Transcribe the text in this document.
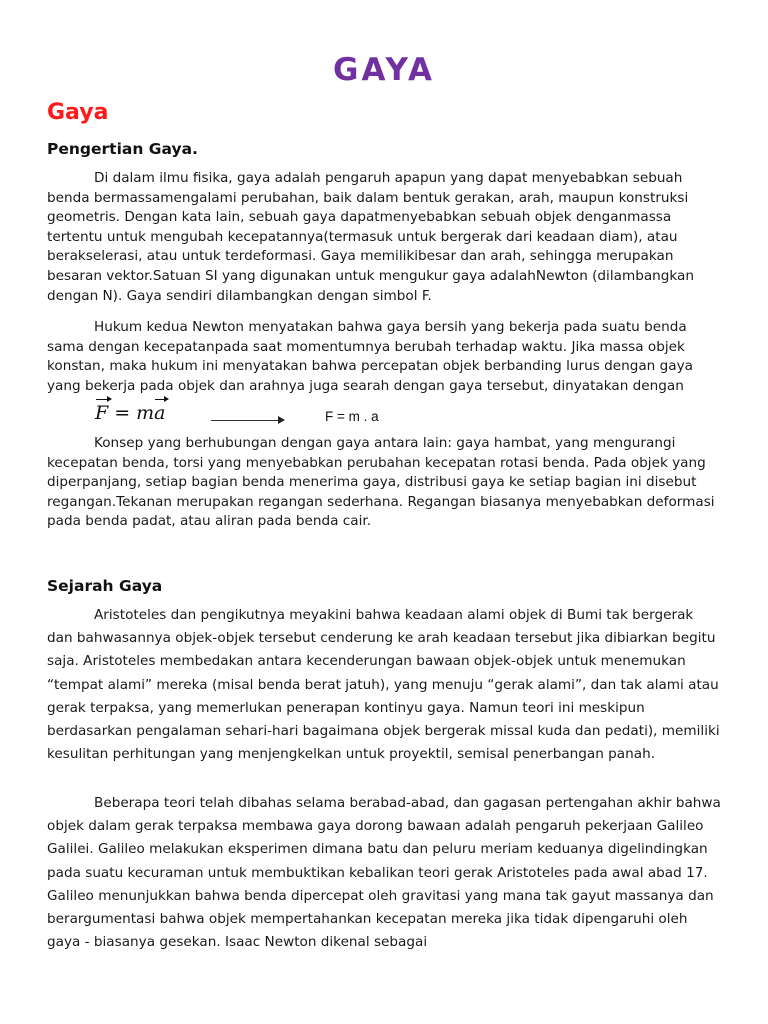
GAYA
Gaya
Pengertian Gaya.

Di dalam ilmu fisika, gaya adalah pengaruh apapun yang dapat menyebabkan sebuah benda bermassamengalami perubahan, baik dalam bentuk gerakan, arah, maupun konstruksi geometris. Dengan kata lain, sebuah gaya dapatmenyebabkan sebuah objek denganmassa tertentu untuk mengubah kecepatannya(termasuk untuk bergerak dari keadaan diam), atau berakselerasi, atau untuk terdeformasi. Gaya memilikibesar dan arah, sehingga merupakan besaran vektor.Satuan SI yang digunakan untuk mengukur gaya adalahNewton (dilambangkan dengan N). Gaya sendiri dilambangkan dengan simbol F.

Hukum kedua Newton menyatakan bahwa gaya bersih yang bekerja pada suatu benda sama dengan kecepatanpada saat momentumnya berubah terhadap waktu. Jika massa objek konstan, maka hukum ini menyatakan bahwa percepatan objek berbanding lurus dengan gaya yang bekerja pada objek dan arahnya juga searah dengan gaya tersebut, dinyatakan dengan

F = ma	F = m . a

Konsep yang berhubungan dengan gaya antara lain: gaya hambat, yang mengurangi kecepatan benda, torsi yang menyebabkan perubahan kecepatan rotasi benda. Pada objek yang diperpanjang, setiap bagian benda menerima gaya, distribusi gaya ke setiap bagian ini disebut regangan.Tekanan merupakan regangan sederhana. Regangan biasanya menyebabkan deformasi pada benda padat, atau aliran pada benda cair.

Sejarah Gaya

Aristoteles dan pengikutnya meyakini bahwa keadaan alami objek di Bumi tak bergerak dan bahwasannya objek-objek tersebut cenderung ke arah keadaan tersebut jika dibiarkan begitu saja. Aristoteles membedakan antara kecenderungan bawaan objek-objek untuk menemukan “tempat alami” mereka (misal benda berat jatuh), yang menuju “gerak alami”, dan tak alami atau gerak terpaksa, yang memerlukan penerapan kontinyu gaya. Namun teori ini meskipun berdasarkan pengalaman sehari-hari bagaimana objek bergerak missal kuda dan pedati), memiliki kesulitan perhitungan yang menjengkelkan untuk proyektil, semisal penerbangan panah.

Beberapa teori telah dibahas selama berabad-abad, dan gagasan pertengahan akhir bahwa objek dalam gerak terpaksa membawa gaya dorong bawaan adalah pengaruh pekerjaan Galileo Galilei. Galileo melakukan eksperimen dimana batu dan peluru meriam keduanya digelindingkan pada suatu kecuraman untuk membuktikan kebalikan teori gerak Aristoteles pada awal abad 17. Galileo menunjukkan bahwa benda dipercepat oleh gravitasi yang mana tak gayut massanya dan berargumentasi bahwa objek mempertahankan kecepatan mereka jika tidak dipengaruhi oleh gaya - biasanya gesekan. Isaac Newton dikenal sebagai
